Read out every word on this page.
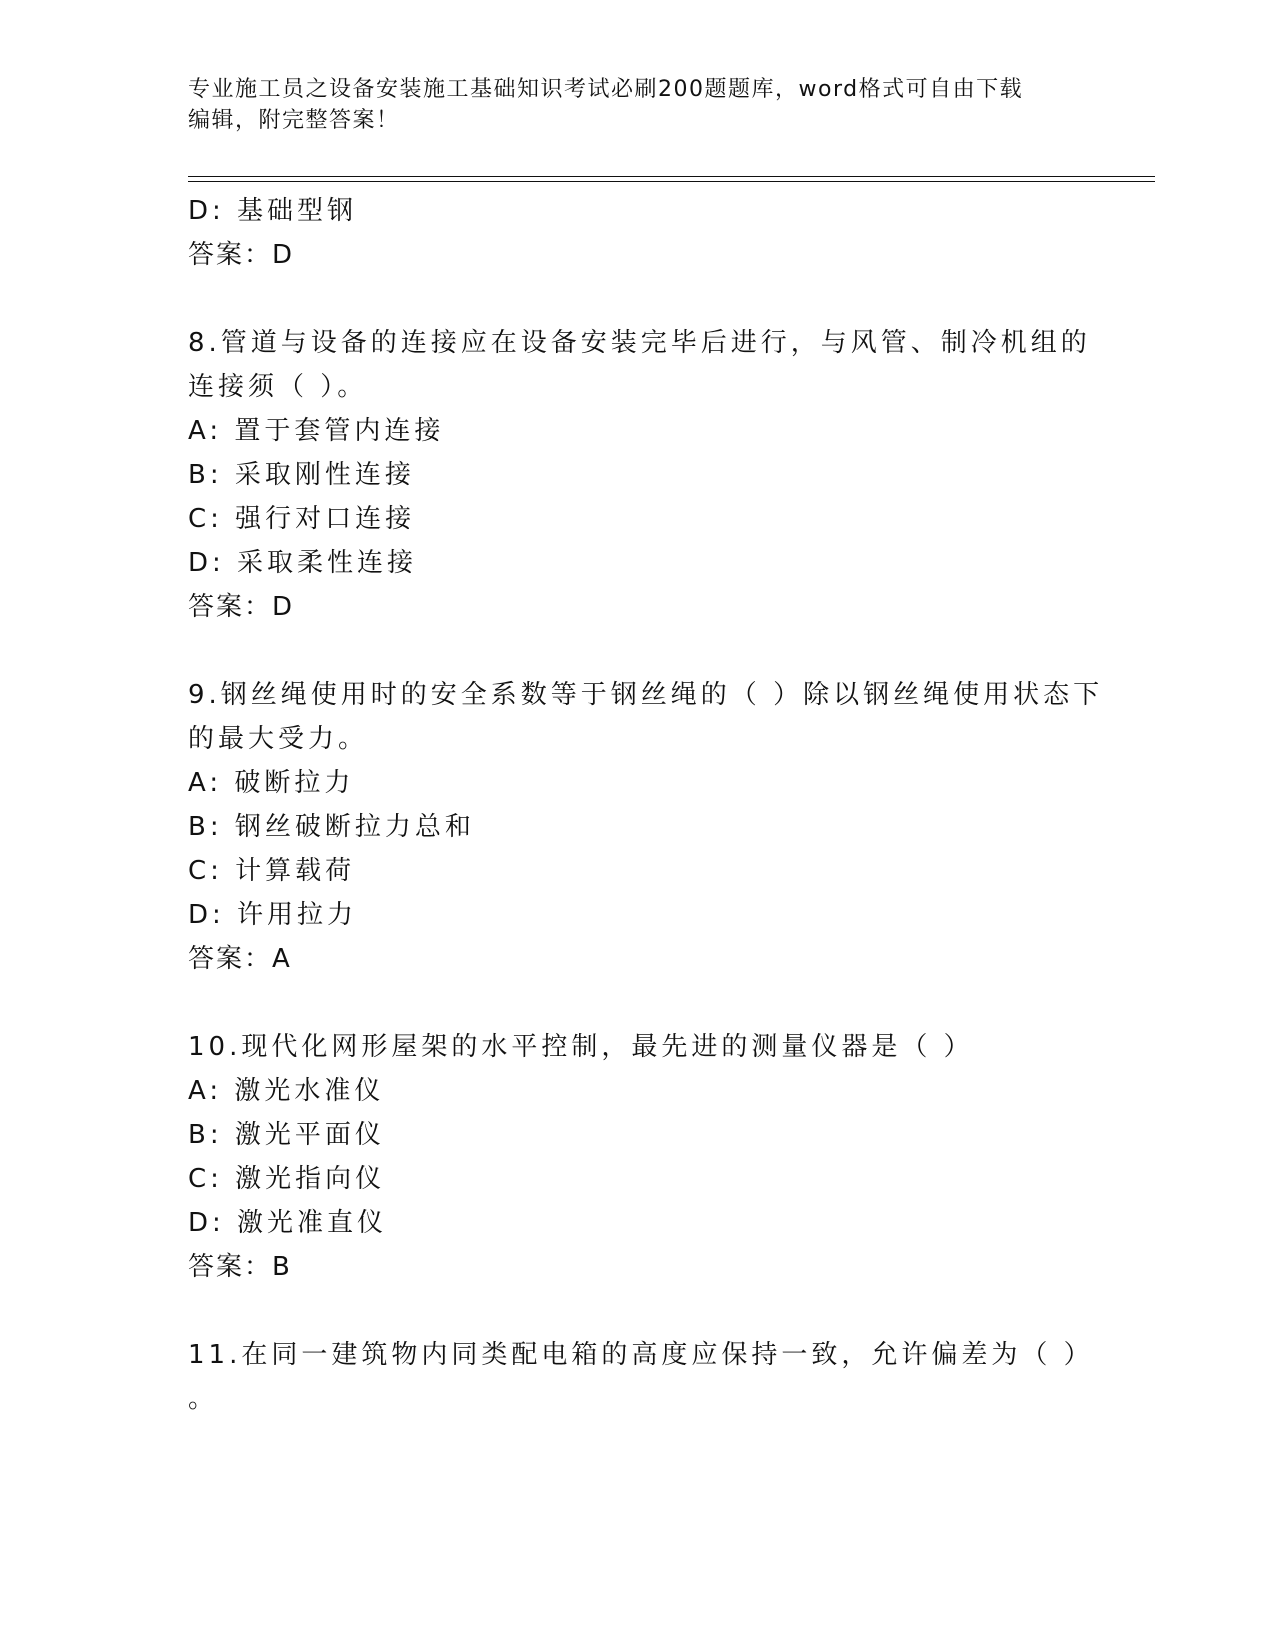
专业施工员之设备安装施工基础知识考试必刷200题题库，word格式可自由下载
编辑，附完整答案！
D: 基础型钢
答案：D
8.管道与设备的连接应在设备安装完毕后进行，与风管、制冷机组的
连接须（ ）。
A: 置于套管内连接
B: 采取刚性连接
C: 强行对口连接
D: 采取柔性连接
答案：D
9.钢丝绳使用时的安全系数等于钢丝绳的（ ）除以钢丝绳使用状态下
的最大受力。
A: 破断拉力
B: 钢丝破断拉力总和
C: 计算载荷
D: 许用拉力
答案：A
10.现代化网形屋架的水平控制，最先进的测量仪器是（ ）
A: 激光水准仪
B: 激光平面仪
C: 激光指向仪
D: 激光准直仪
答案：B
11.在同一建筑物内同类配电箱的高度应保持一致，允许偏差为（ ）
。
